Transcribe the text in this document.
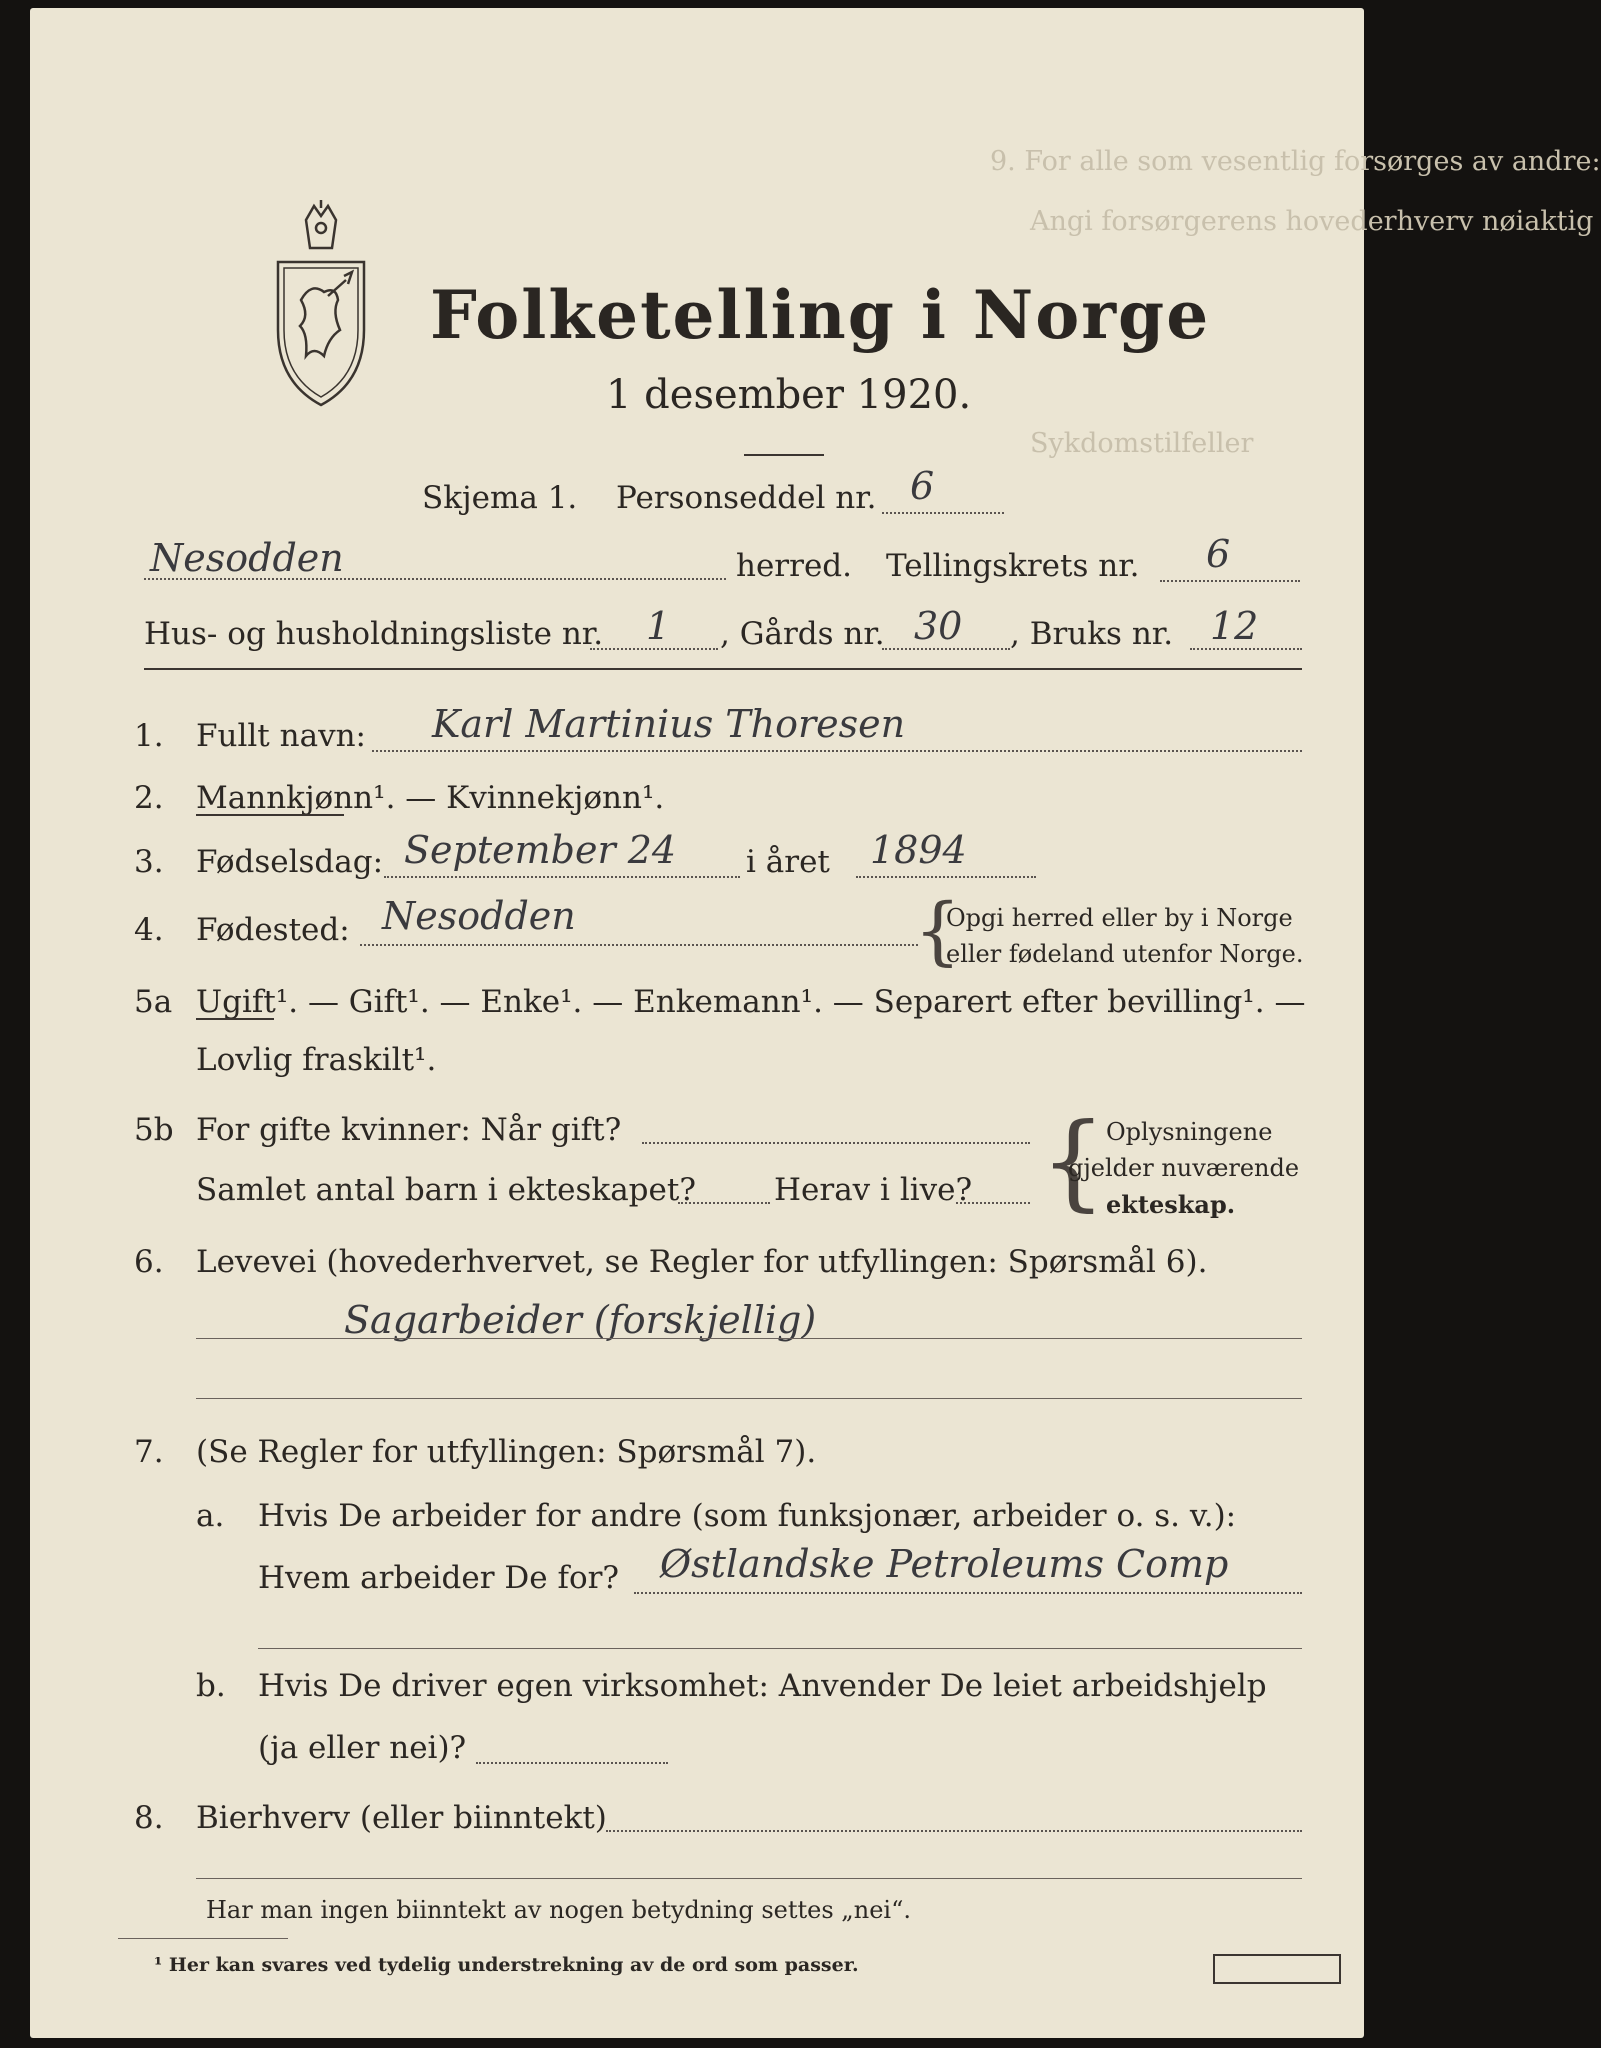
9. For alle som vesentlig forsørges av andre:
Angi forsørgerens hovederhverv nøiaktig
Sykdomstilfeller
Folketelling i Norge
1 desember 1920.
Skjema 1. Personseddel nr. 6
Nesodden	herred. Tellingskrets nr. 6
Hus- og husholdningsliste nr. 1 , Gårds nr. 30 , Bruks nr. 12
1. Fullt navn: Karl Martinius Thoresen
2. Mannkjønn¹. — Kvinnekjønn¹.
3. Fødselsdag: September 24 i året 1894
4. Fødested: Nesodden	{
Opgi herred eller by i Norge
eller fødeland utenfor Norge.
5a Ugift¹. — Gift¹. — Enke¹. — Enkemann¹. — Separert efter bevilling¹. —
Lovlig fraskilt¹.
5b For gifte kvinner: Når gift?
Samlet antal barn i ekteskapet?	Herav i live? { Oplysningene
gjelder nuværende
ekteskap.
6. Levevei (hovederhvervet, se Regler for utfyllingen: Spørsmål 6).
Sagarbeider (forskjellig)
7. (Se Regler for utfyllingen: Spørsmål 7).
a. Hvis De arbeider for andre (som funksjonær, arbeider o. s. v.):
Hvem arbeider De for? Østlandske Petroleums Comp
b. Hvis De driver egen virksomhet: Anvender De leiet arbeidshjelp
(ja eller nei)?
8. Bierhverv (eller biinntekt)
Har man ingen biinntekt av nogen betydning settes „nei“.
¹ Her kan svares ved tydelig understrekning av de ord som passer.
